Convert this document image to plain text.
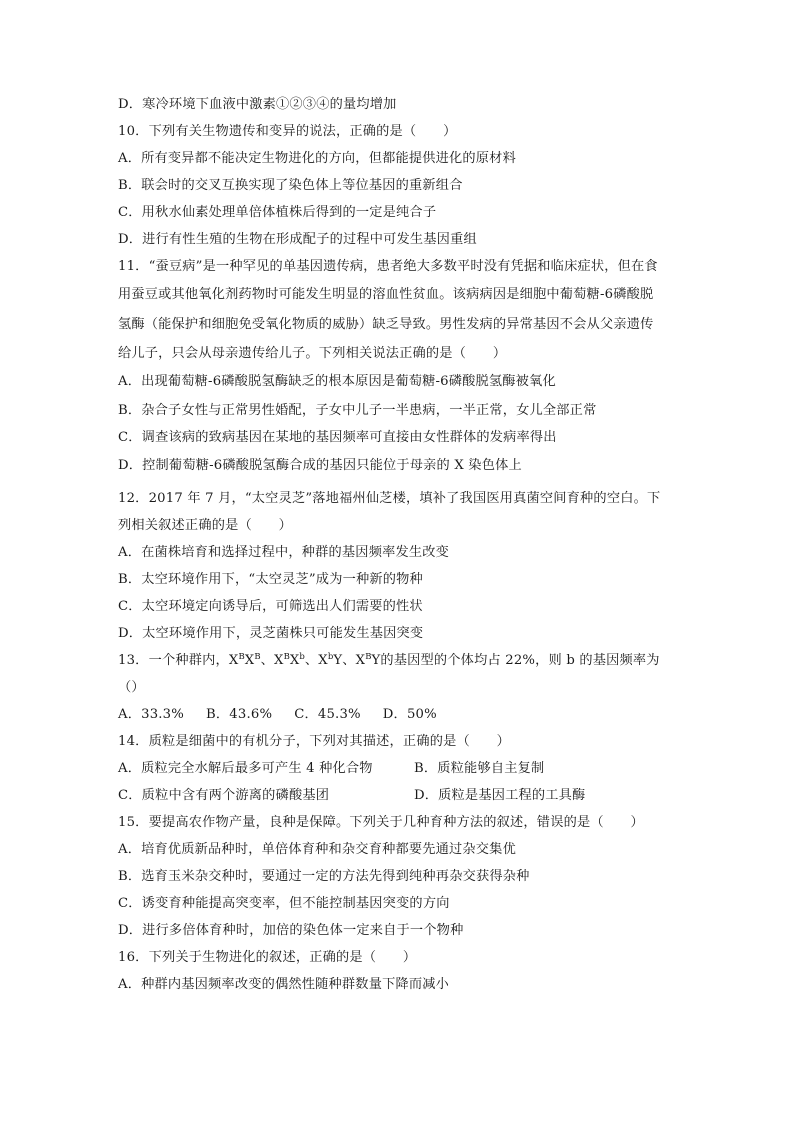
D．寒冷环境下血液中激素①②③④的量均增加
10．下列有关生物遗传和变异的说法，正确的是（　　）
A．所有变异都不能决定生物进化的方向，但都能提供进化的原材料
B．联会时的交叉互换实现了染色体上等位基因的重新组合
C．用秋水仙素处理单倍体植株后得到的一定是纯合子
D．进行有性生殖的生物在形成配子的过程中可发生基因重组
11．“蚕豆病”是一种罕见的单基因遗传病，患者绝大多数平时没有凭据和临床症状，但在食
用蚕豆或其他氧化剂药物时可能发生明显的溶血性贫血。该病病因是细胞中葡萄糖-6磷酸脱
氢酶（能保护和细胞免受氧化物质的威胁）缺乏导致。男性发病的异常基因不会从父亲遗传
给儿子，只会从母亲遗传给儿子。下列相关说法正确的是（　　）
A．出现葡萄糖-6磷酸脱氢酶缺乏的根本原因是葡萄糖-6磷酸脱氢酶被氧化
B．杂合子女性与正常男性婚配，子女中儿子一半患病，一半正常，女儿全部正常
C．调查该病的致病基因在某地的基因频率可直接由女性群体的发病率得出
D．控制葡萄糖-6磷酸脱氢酶合成的基因只能位于母亲的 X 染色体上
12．2017 年 7 月，“太空灵芝”落地福州仙芝楼，填补了我国医用真菌空间育种的空白。下
列相关叙述正确的是（　　）
A．在菌株培育和选择过程中，种群的基因频率发生改变
B．太空环境作用下，“太空灵芝”成为一种新的物种
C．太空环境定向诱导后，可筛选出人们需要的性状
D．太空环境作用下，灵芝菌株只可能发生基因突变
13．一个种群内，$X^BX^B$、$X^BX^b$、$X^bY$、$X^BY$的基因型的个体均占 22%，则 b 的基因频率为
（）
A．33.3% B．43.6% C．45.3% D．50%
14．质粒是细菌中的有机分子，下列对其描述，正确的是（　　）
A．质粒完全水解后最多可产生 4 种化合物	B．质粒能够自主复制
C．质粒中含有两个游离的磷酸基团	D．质粒是基因工程的工具酶
15．要提高农作物产量，良种是保障。下列关于几种育种方法的叙述，错误的是（　　）
A．培育优质新品种时，单倍体育种和杂交育种都要先通过杂交集优
B．选育玉米杂交种时，要通过一定的方法先得到纯种再杂交获得杂种
C．诱变育种能提高突变率，但不能控制基因突变的方向
D．进行多倍体育种时，加倍的染色体一定来自于一个物种
16．下列关于生物进化的叙述，正确的是（　　）
A．种群内基因频率改变的偶然性随种群数量下降而减小
